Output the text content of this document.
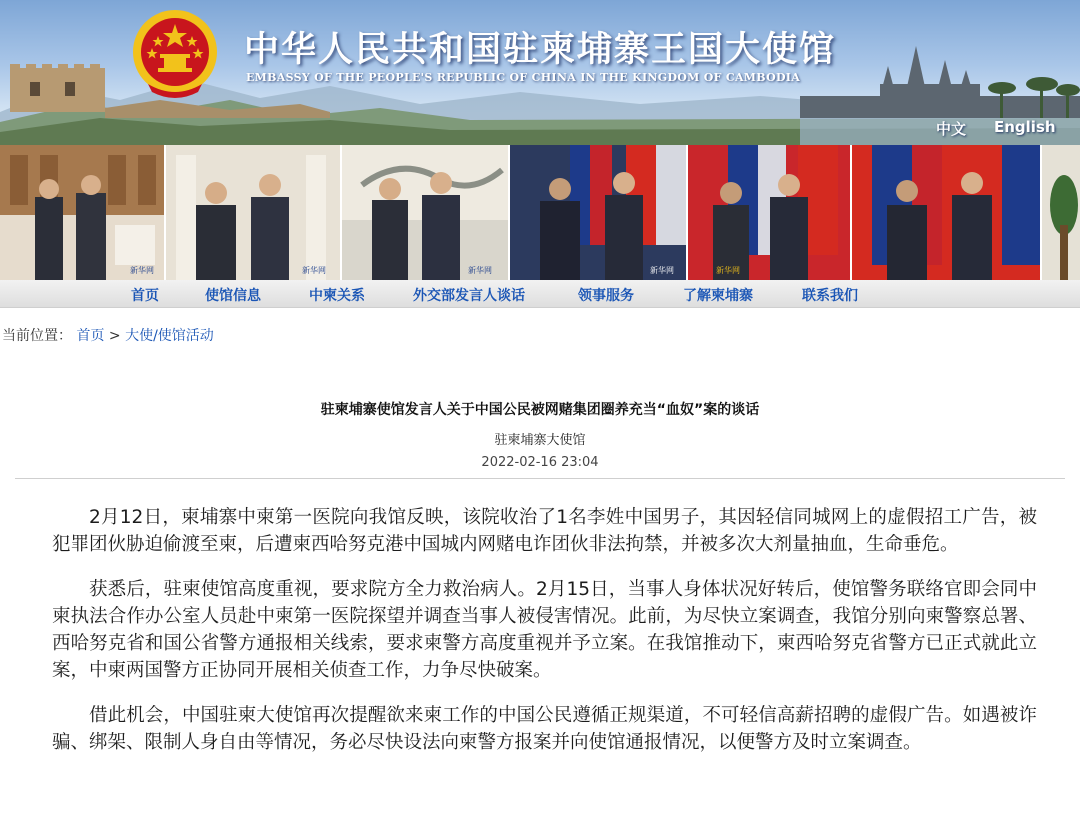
中华人民共和国驻柬埔寨王国大使馆
EMBASSY OF THE PEOPLE'S REPUBLIC OF CHINA IN THE KINGDOM OF CAMBODIA
中文 English
新华网	新华网	新华网	新华网	新华网
首页	使馆信息	中柬关系	外交部发言人谈话	领事服务	了解柬埔寨	联系我们
当前位置： 首页 > 大使/使馆活动
驻柬埔寨使馆发言人关于中国公民被网赌集团圈养充当“血奴”案的谈话
驻柬埔寨大使馆
2022-02-16 23:04

2月12日，柬埔寨中柬第一医院向我馆反映，该院收治了1名李姓中国男子，其因轻信同城网上的虚假招工广告，被犯罪团伙胁迫偷渡至柬，后遭柬西哈努克港中国城内网赌电诈团伙非法拘禁，并被多次大剂量抽血，生命垂危。

获悉后，驻柬使馆高度重视，要求院方全力救治病人。2月15日，当事人身体状况好转后，使馆警务联络官即会同中柬执法合作办公室人员赴中柬第一医院探望并调查当事人被侵害情况。此前，为尽快立案调查，我馆分别向柬警察总署、西哈努克省和国公省警方通报相关线索，要求柬警方高度重视并予立案。在我馆推动下，柬西哈努克省警方已正式就此立案，中柬两国警方正协同开展相关侦查工作，力争尽快破案。

借此机会，中国驻柬大使馆再次提醒欲来柬工作的中国公民遵循正规渠道，不可轻信高薪招聘的虚假广告。如遇被诈骗、绑架、限制人身自由等情况，务必尽快设法向柬警方报案并向使馆通报情况，以便警方及时立案调查。
